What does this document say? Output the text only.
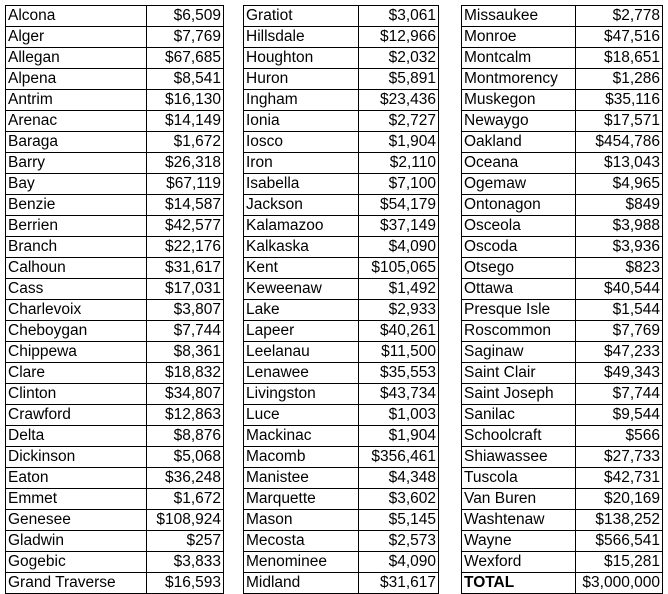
Alcona	$6,509
Alger	$7,769
Allegan	$67,685
Alpena	$8,541
Antrim	$16,130
Arenac	$14,149
Baraga	$1,672
Barry	$26,318
Bay	$67,119
Benzie	$14,587
Berrien	$42,577
Branch	$22,176
Calhoun	$31,617
Cass	$17,031
Charlevoix	$3,807
Cheboygan	$7,744
Chippewa	$8,361
Clare	$18,832
Clinton	$34,807
Crawford	$12,863
Delta	$8,876
Dickinson	$5,068
Eaton	$36,248
Emmet	$1,672
Genesee	$108,924
Gladwin	$257
Gogebic	$3,833
Grand Traverse	$16,593
Gratiot	$3,061
Hillsdale	$12,966
Houghton	$2,032
Huron	$5,891
Ingham	$23,436
Ionia	$2,727
Iosco	$1,904
Iron	$2,110
Isabella	$7,100
Jackson	$54,179
Kalamazoo	$37,149
Kalkaska	$4,090
Kent	$105,065
Keweenaw	$1,492
Lake	$2,933
Lapeer	$40,261
Leelanau	$11,500
Lenawee	$35,553
Livingston	$43,734
Luce	$1,003
Mackinac	$1,904
Macomb	$356,461
Manistee	$4,348
Marquette	$3,602
Mason	$5,145
Mecosta	$2,573
Menominee	$4,090
Midland	$31,617
Missaukee	$2,778
Monroe	$47,516
Montcalm	$18,651
Montmorency	$1,286
Muskegon	$35,116
Newaygo	$17,571
Oakland	$454,786
Oceana	$13,043
Ogemaw	$4,965
Ontonagon	$849
Osceola	$3,988
Oscoda	$3,936
Otsego	$823
Ottawa	$40,544
Presque Isle	$1,544
Roscommon	$7,769
Saginaw	$47,233
Saint Clair	$49,343
Saint Joseph	$7,744
Sanilac	$9,544
Schoolcraft	$566
Shiawassee	$27,733
Tuscola	$42,731
Van Buren	$20,169
Washtenaw	$138,252
Wayne	$566,541
Wexford	$15,281
TOTAL	$3,000,000
